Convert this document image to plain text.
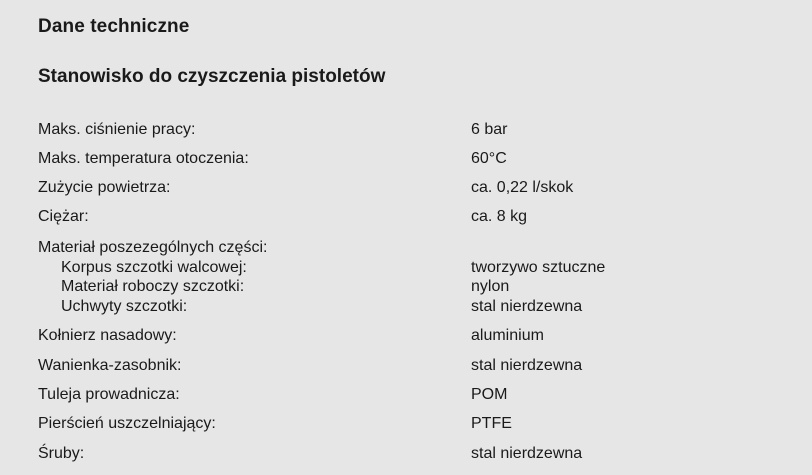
Dane techniczne
Stanowisko do czyszczenia pistoletów
Maks. ciśnienie pracy:	6 bar
Maks. temperatura otoczenia:	60°C
Zużycie powietrza:	ca. 0,22 l/skok
Ciężar:	ca. 8 kg
Materiał poszezególnych części:
Korpus szczotki walcowej:	tworzywo sztuczne
Materiał roboczy szczotki:	nylon
Uchwyty szczotki:	stal nierdzewna
Kołnierz nasadowy:	aluminium
Wanienka-zasobnik:	stal nierdzewna
Tuleja prowadnicza:	POM
Pierścień uszczelniający:	PTFE
Śruby:	stal nierdzewna
